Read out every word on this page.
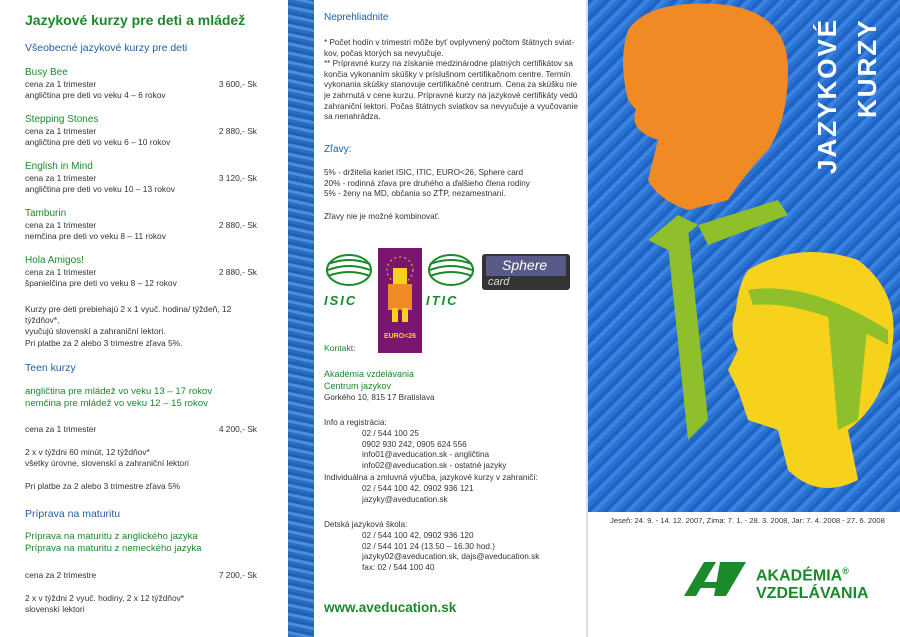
Jazykové kurzy pre deti a mládež
Všeobecné jazykové kurzy pre deti
Busy Bee
cena za 1 trimester	3 600,- Sk
angličtina pre deti vo veku 4 – 6 rokov
Stepping Stones
cena za 1 trimester	2 880,- Sk
angličtina pre deti vo veku 6 – 10 rokov
English in Mind
cena za 1 trimester	3 120,- Sk
angličtina pre deti vo veku 10 – 13 rokov
Tamburin
cena za 1 trimester	2 880,- Sk
nemčina pre deti vo veku 8 – 11 rokov
Hola Amigos!
cena za 1 trimester	2 880,- Sk
španielčina pre deti vo veku 8 – 12 rokov
Kurzy pre deti prebiehajú 2 x 1 vyuč. hodina/ týždeň, 12 týždňov*,
vyučujú slovenskí a zahraniční lektori.
Pri platbe za 2 alebo 3 trimestre zľava 5%.
Teen kurzy
angličtina pre mládež vo veku 13 – 17 rokov
nemčina pre mládež vo veku 12 – 15 rokov
cena za 1 trimester	4 200,- Sk
2 x v týždni 60 minút, 12 týždňov*
všetky úrovne, slovenskí a zahraniční lektori
Pri platbe za 2 alebo 3 trimestre zľava 5%
Príprava na maturitu
Príprava na maturitu z anglického jazyka
Príprava na maturitu z nemeckého jazyka
cena za 2 trimestre	7 200,- Sk
2 x v týždni 2 vyuč. hodiny, 2 x 12 týždňov*
slovenskí lektori
Neprehliadnite
* Počet hodín v trimestri môže byť ovplyvnený počtom štátnych sviat-
kov, počas ktorých sa nevyučuje.
** Prípravné kurzy na získanie medzinárodne platných certifikátov sa
končia vykonaním skúšky v príslušnom certifikačnom centre. Termín
vykonania skúšky stanovuje certifikačné centrum. Cena za skúšku nie
je zahrnutá v cene kurzu. Prípravné kurzy na jazykové certifikáty vedú
zahraniční lektori. Počas štátnych sviatkov sa nevyučuje a vyučovanie
sa nenahrádza.
Zľavy:
5% - držitelia kariet ISIC, ITIC, EURO<26, Sphere card
20% - rodinná zľava pre druhého a ďalšieho člena rodiny
5% - ženy na MD, občania so ZŤP, nezamestnaní.
Zľavy nie je možné kombinovať.
ISIC
EURO<26
ITIC
Sphere
card
Kontakt:
Akadémia vzdelávania
Centrum jazykov
Gorkého 10, 815 17 Bratislava
Info a registrácia:
02 / 544 100 25
0902 930 242, 0905 624 556
info01@aveducation.sk - angličtina
info02@aveducation.sk - ostatné jazyky
Individuálna a zmluvná výučba, jazykové kurzy v zahraničí:
02 / 544 100 42, 0902 936 121
jazyky@aveducation.sk
Detská jazyková škola:
02 / 544 100 42, 0902 936 120
02 / 544 101 24 (13.50 – 16.30 hod.)
jazyky02@aveducation.sk, dajs@aveducation.sk
fax: 02 / 544 100 40
www.aveducation.sk
JAZYKOVÉ KURZY
Jeseň: 24. 9. - 14. 12. 2007, Zima: 7. 1. - 28. 3. 2008, Jar: 7. 4. 2008 - 27. 6. 2008
AKADÉMIA®
VZDELÁVANIA
